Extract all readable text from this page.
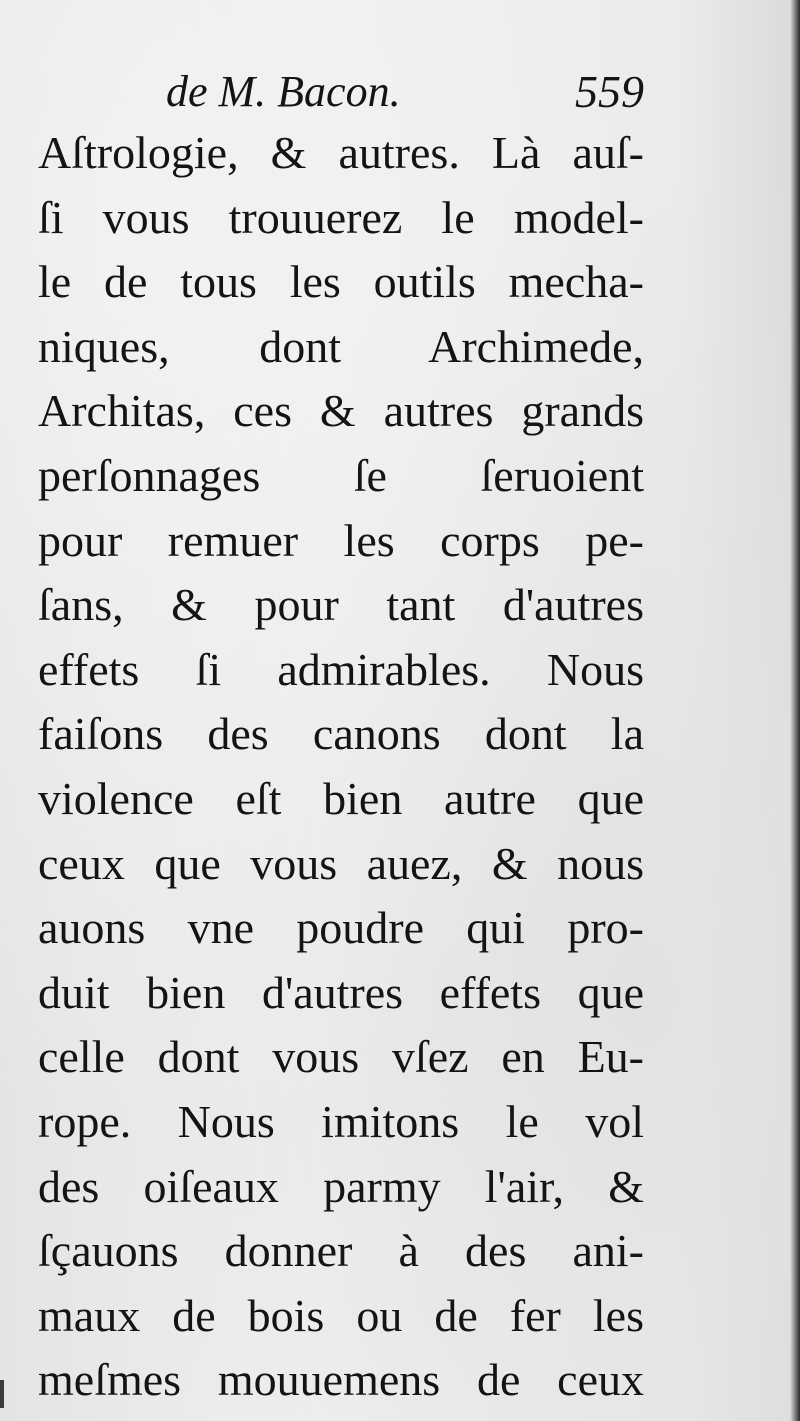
de M. Bacon.	559
Aſtrologie, & autres. Là auſ-
ſi vous trouuerez le model-
le de tous les outils mecha-
niques, dont Archimede,
Architas, ces & autres grands
perſonnages ſe ſeruoient
pour remuer les corps pe-
ſans, & pour tant d'autres
effets ſi admirables. Nous
faiſons des canons dont la
violence eſt bien autre que
ceux que vous auez, & nous
auons vne poudre qui pro-
duit bien d'autres effets que
celle dont vous vſez en Eu-
rope. Nous imitons le vol
des oiſeaux parmy l'air, &
ſçauons donner à des ani-
maux de bois ou de fer les
meſmes mouuemens de ceux
